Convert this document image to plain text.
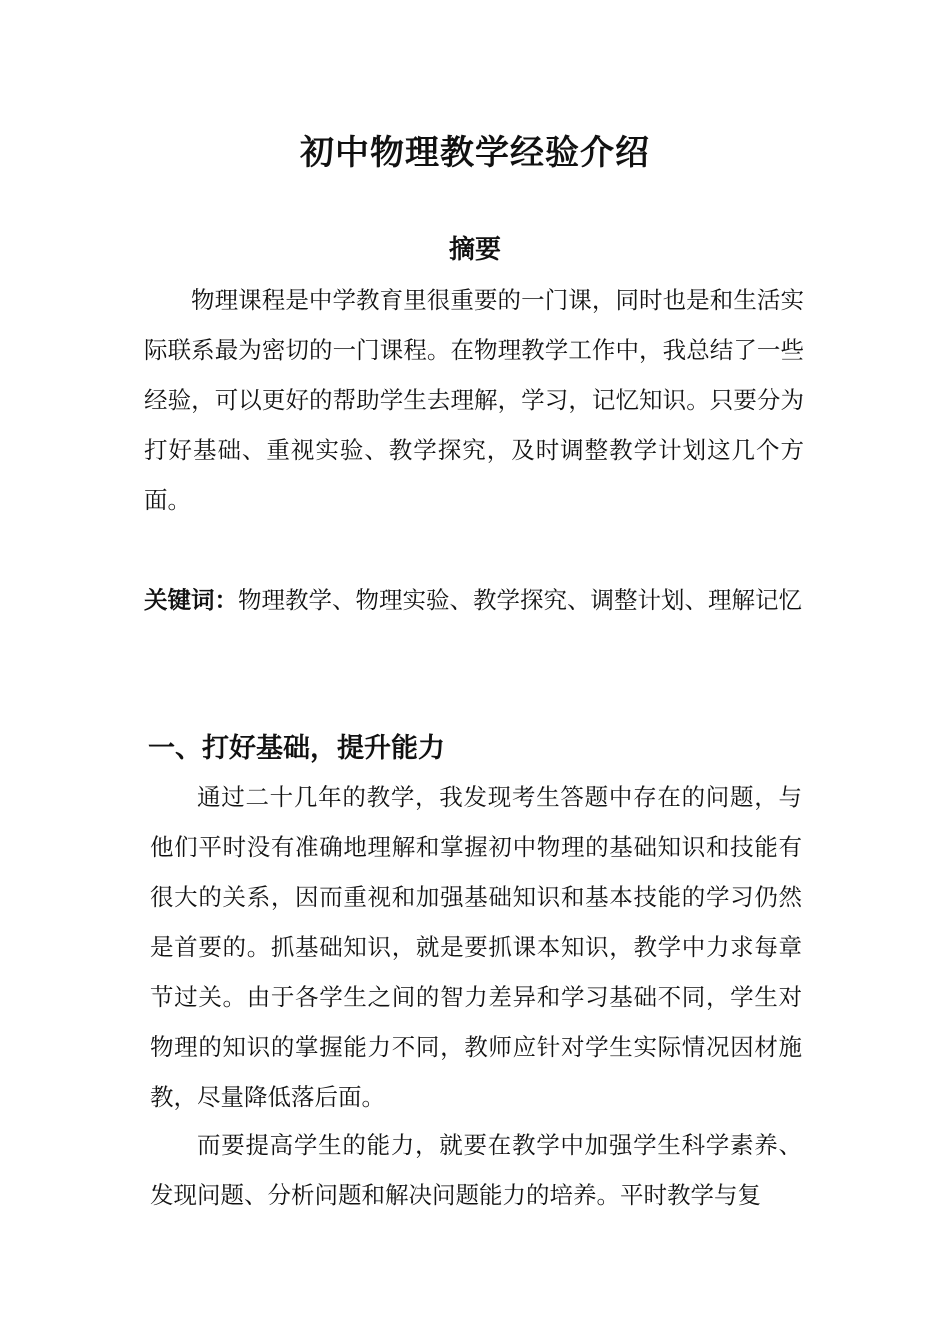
初中物理教学经验介绍
摘要

物理课程是中学教育里很重要的一门课，同时也是和生活实际联系最为密切的一门课程。在物理教学工作中，我总结了一些经验，可以更好的帮助学生去理解，学习，记忆知识。只要分为打好基础、重视实验、教学探究，及时调整教学计划这几个方面。

关键词：物理教学、物理实验、教学探究、调整计划、理解记忆

一、打好基础，提升能力

通过二十几年的教学，我发现考生答题中存在的问题，与他们平时没有准确地理解和掌握初中物理的基础知识和技能有很大的关系，因而重视和加强基础知识和基本技能的学习仍然是首要的。抓基础知识，就是要抓课本知识，教学中力求每章节过关。由于各学生之间的智力差异和学习基础不同，学生对物理的知识的掌握能力不同，教师应针对学生实际情况因材施教，尽量降低落后面。

而要提高学生的能力，就要在教学中加强学生科学素养、发现问题、分析问题和解决问题能力的培养。平时教学与复
